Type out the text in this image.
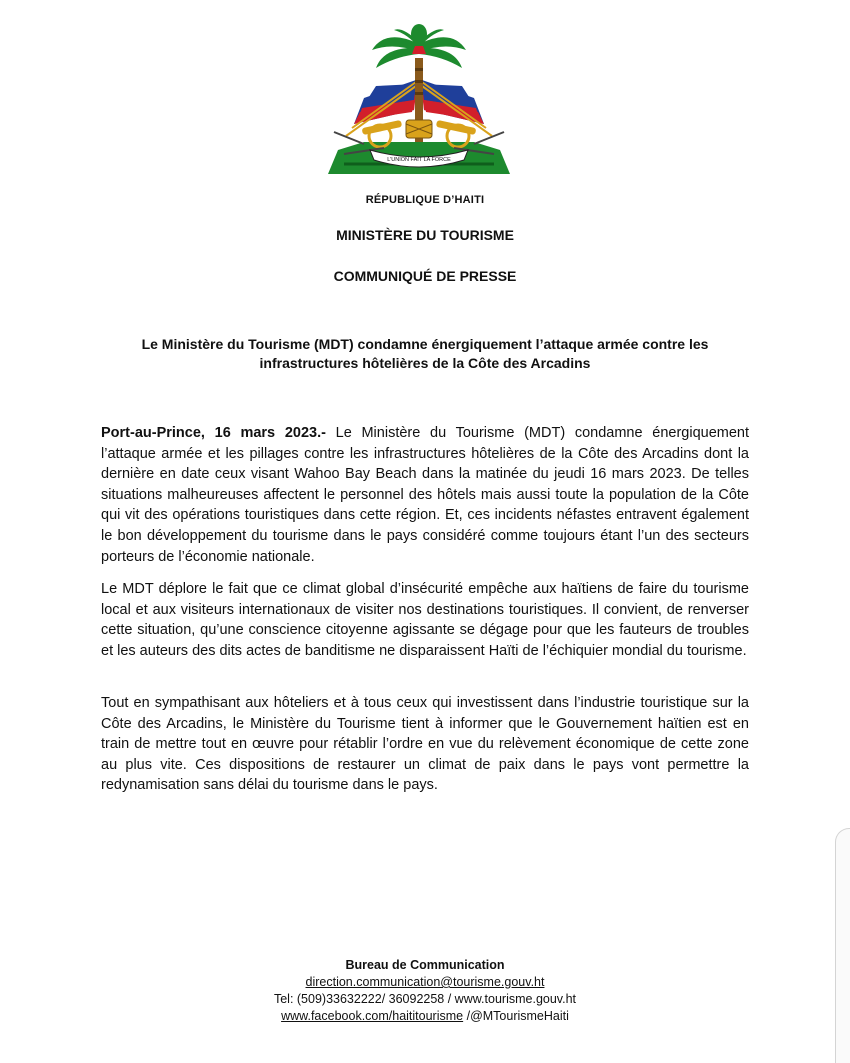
L'UNION FAIT LA FORCE
RÉPUBLIQUE D’HAITI
MINISTÈRE DU TOURISME
COMMUNIQUÉ DE PRESSE
Le Ministère du Tourisme (MDT) condamne énergiquement l’attaque armée contre les
infrastructures hôtelières de la Côte des Arcadins

Port-au-Prince, 16 mars 2023.- Le Ministère du Tourisme (MDT) condamne énergiquement l’attaque armée et les pillages contre les infrastructures hôtelières de la Côte des Arcadins dont la dernière en date ceux visant Wahoo Bay Beach dans la matinée du jeudi 16 mars 2023. De telles situations malheureuses affectent le personnel des hôtels mais aussi toute la population de la Côte qui vit des opérations touristiques dans cette région. Et, ces incidents néfastes entravent également le bon développement du tourisme dans le pays considéré comme toujours étant l’un des secteurs porteurs de l’économie nationale.

Le MDT déplore le fait que ce climat global d’insécurité empêche aux haïtiens de faire du tourisme local et aux visiteurs internationaux de visiter nos destinations touristiques. Il convient, de renverser cette situation, qu’une conscience citoyenne agissante se dégage pour que les fauteurs de troubles et les auteurs des dits actes de banditisme ne disparaissent Haïti de l’échiquier mondial du tourisme.

Tout en sympathisant aux hôteliers et à tous ceux qui investissent dans l’industrie touristique sur la Côte des Arcadins, le Ministère du Tourisme tient à informer que le Gouvernement haïtien est en train de mettre tout en œuvre pour rétablir l’ordre en vue du relèvement économique de cette zone au plus vite. Ces dispositions de restaurer un climat de paix dans le pays vont permettre la redynamisation sans délai du tourisme dans le pays.

Bureau de Communication
direction.communication@tourisme.gouv.ht
Tel: (509)33632222/ 36092258 / www.tourisme.gouv.ht
www.facebook.com/haititourisme /@MTourismeHaiti
